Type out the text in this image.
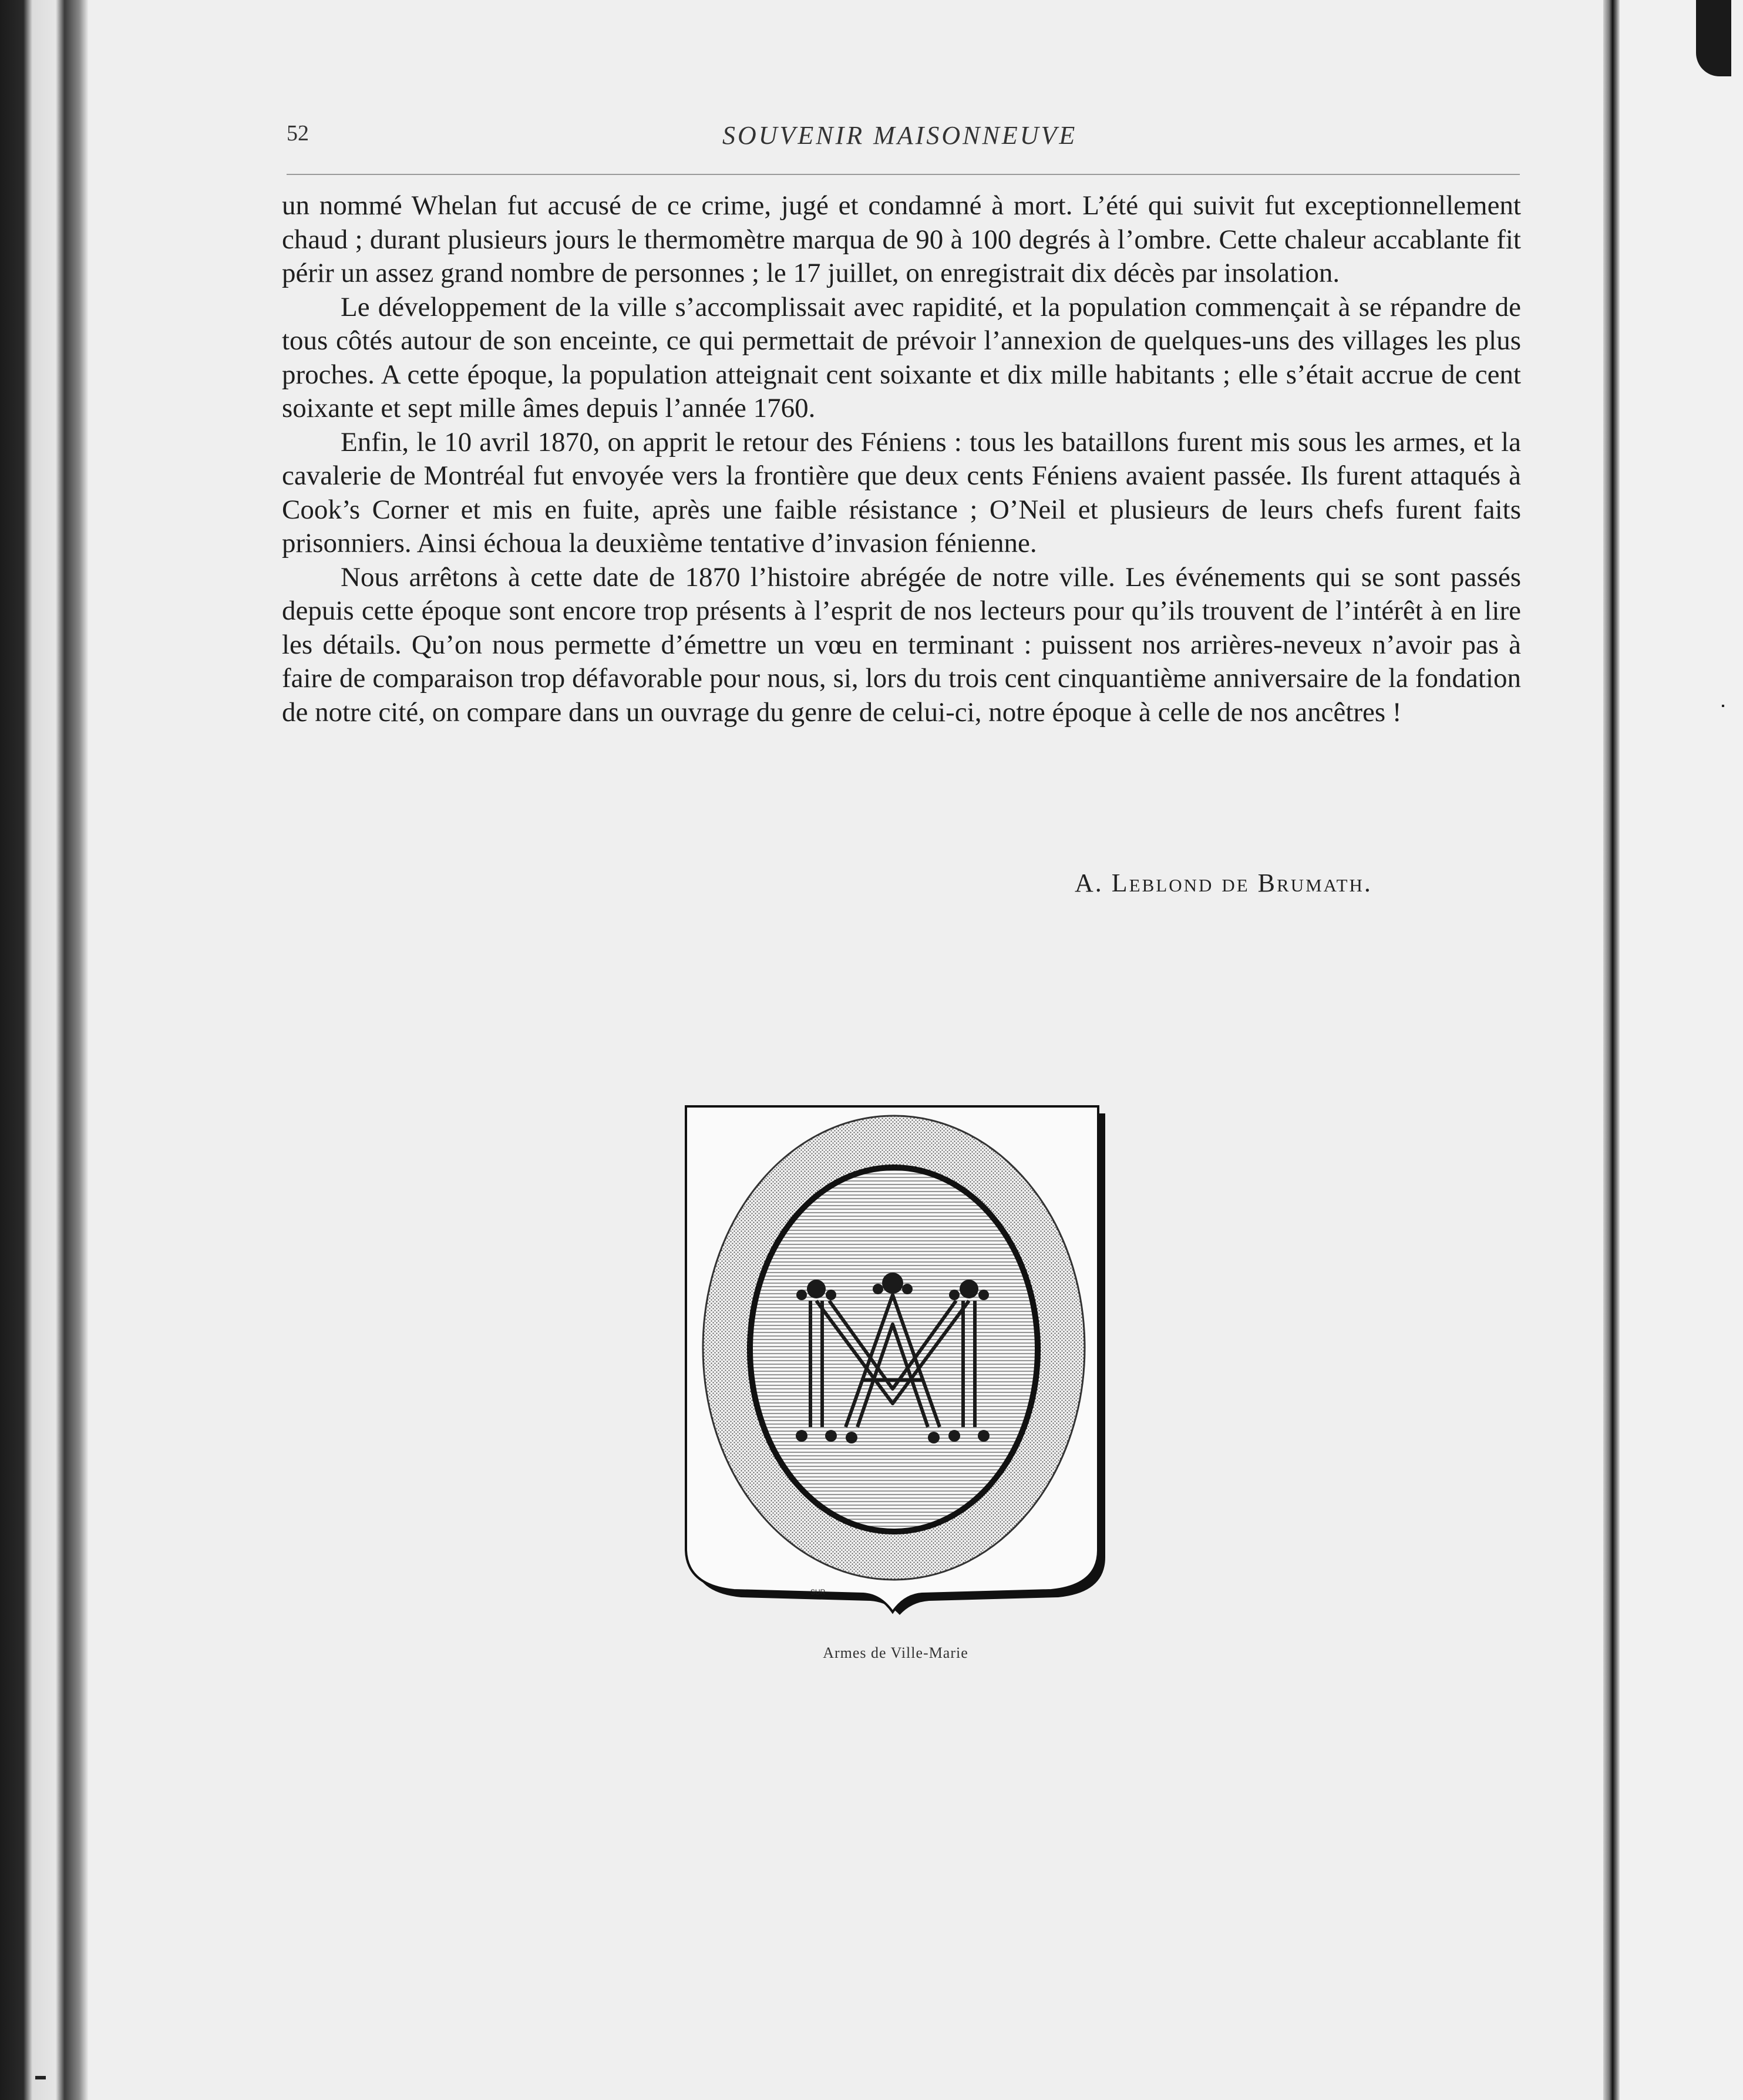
52	SOUVENIR MAISONNEUVE

un nommé Whelan fut accusé de ce crime, jugé et condamné à mort. L’été qui suivit fut exceptionnellement chaud ; durant plusieurs jours le thermomètre marqua de 90 à 100 degrés à l’ombre. Cette chaleur accablante fit périr un assez grand nombre de personnes ; le 17 juillet, on enregistrait dix décès par insolation.

Le développement de la ville s’accomplissait avec rapidité, et la population commençait à se répandre de tous côtés autour de son enceinte, ce qui permettait de prévoir l’annexion de quelques-uns des villages les plus proches. A cette époque, la population atteignait cent soixante et dix mille habitants ; elle s’était accrue de cent soixante et sept mille âmes depuis l’année 1760.

Enfin, le 10 avril 1870, on apprit le retour des Féniens : tous les bataillons furent mis sous les armes, et la cavalerie de Montréal fut envoyée vers la frontière que deux cents Féniens avaient passée. Ils furent attaqués à Cook’s Corner et mis en fuite, après une faible résistance ; O’Neil et plusieurs de leurs chefs furent faits prisonniers. Ainsi échoua la deuxième tentative d’invasion fénienne.

Nous arrêtons à cette date de 1870 l’histoire abrégée de notre ville. Les événements qui se sont passés depuis cette époque sont encore trop présents à l’esprit de nos lecteurs pour qu’ils trouvent de l’intérêt à en lire les détails. Qu’on nous permette d’émettre un vœu en terminant : puissent nos arrières-neveux n’avoir pas à faire de comparaison trop défavorable pour nous, si, lors du trois cent cinquantième anniversaire de la fondation de notre cité, on compare dans un ouvrage du genre de celui-ci, notre époque à celle de nos ancêtres !

A. Leblond de Brumath.
SUR
Armes de Ville-Marie
